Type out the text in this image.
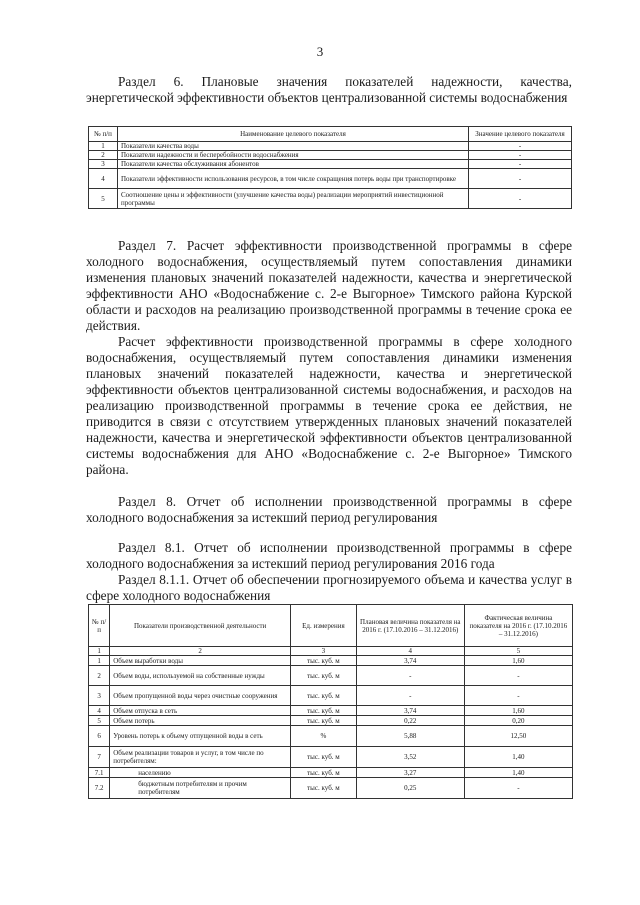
3

Раздел 6. Плановые значения показателей надежности, качества, энергетической эффективности объектов централизованной системы водоснабжения

№ п/п	Наименование целевого показателя	Значение целевого показателя
1	Показатели качества воды	-
2	Показатели надежности и бесперебойности водоснабжения	-
3	Показатели качества обслуживания абонентов	-
4	Показатели эффективности использования ресурсов, в том числе сокращения потерь воды при транспортировке	-
5	Соотношение цены и эффективности (улучшение качества воды) реализации мероприятий инвестиционной программы	-

Раздел 7. Расчет эффективности производственной программы в сфере холодного водоснабжения, осуществляемый путем сопоставления динамики изменения плановых значений показателей надежности, качества и энергетической эффективности АНО «Водоснабжение с. 2-е Выгорное» Тимского района Курской области и расходов на реализацию производственной программы в течение срока ее действия.

Расчет эффективности производственной программы в сфере холодного водоснабжения, осуществляемый путем сопоставления динамики изменения плановых значений показателей надежности, качества и энергетической эффективности объектов централизованной системы водоснабжения, и расходов на реализацию производственной программы в течение срока ее действия, не приводится в связи с отсутствием утвержденных плановых значений показателей надежности, качества и энергетической эффективности объектов централизованной системы водоснабжения для АНО «Водоснабжение с. 2-е Выгорное» Тимского района.

Раздел 8. Отчет об исполнении производственной программы в сфере холодного водоснабжения за истекший период регулирования

Раздел 8.1. Отчет об исполнении производственной программы в сфере холодного водоснабжения за истекший период регулирования 2016 года

Раздел 8.1.1. Отчет об обеспечении прогнозируемого объема и качества услуг в сфере холодного водоснабжения

№ п/п	Показатели производственной деятельности	Ед. измерения	Плановая величина показателя на 2016 г. (17.10.2016 – 31.12.2016)	Фактическая величина показателя на 2016 г. (17.10.2016 – 31.12.2016)
1	2	3	4	5
1	Объем выработки воды	тыс. куб. м	3,74	1,60
2	Объем воды, используемой на собственные нужды	тыс. куб. м	-	-
3	Объем пропущенной воды через очистные сооружения	тыс. куб. м	-	-
4	Объем отпуска в сеть	тыс. куб. м	3,74	1,60
5	Объем потерь	тыс. куб. м	0,22	0,20
6	Уровень потерь к объему отпущенной воды в сеть	%	5,88	12,50
7	Объем реализации товаров и услуг, в том числе по потребителям:	тыс. куб. м	3,52	1,40
7.1	населению	тыс. куб. м	3,27	1,40
7.2	бюджетным потребителям и прочим потребителям	тыс. куб. м	0,25	-
